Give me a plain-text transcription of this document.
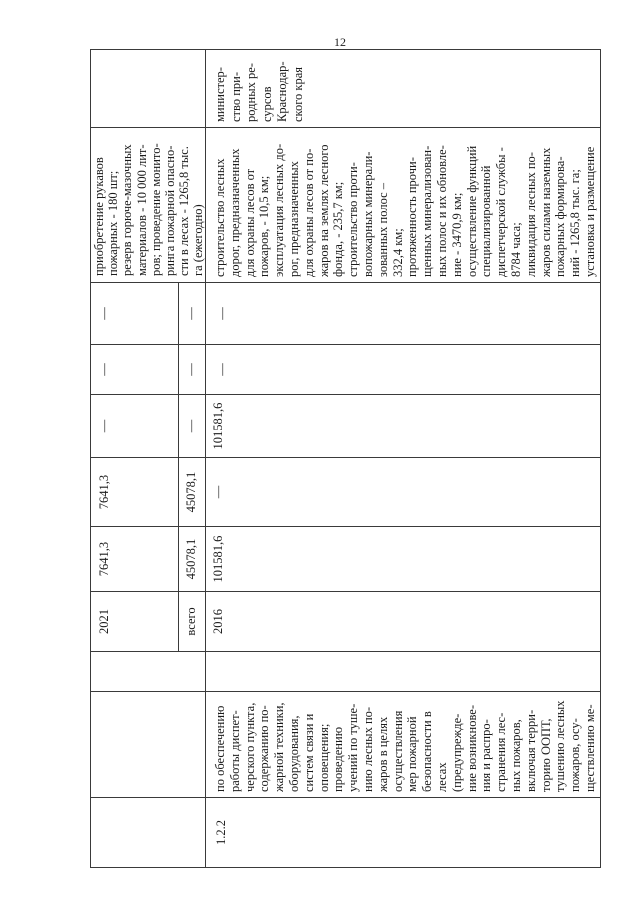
12
2021
7641,3
7641,3
—
—
—
всего
45078,1
45078,1
—
—
—
приобретение рукавов
пожарных - 180 шт;
резерв горюче-мазочных
материалов - 10 000 лит-
ров; проведение монито-
ринга пожарной опасно-
сти в лесах - 1265,8 тыс.
га (ежегодно)
1.2.2
по обеспечению
работы диспет-
черского пункта,
содержанию по-
жарной техники,
оборудования,
систем связи и
оповещения;
проведению
учений по туше-
нию лесных по-
жаров в целях
осуществления
мер пожарной
безопасности в
лесах
(предупрежде-
ние возникнове-
ния и распро-
странения лес-
ных пожаров,
включая терри-
торию ООПТ,
тушению лесных
пожаров, осу-
ществлению ме-
2016
101581,6
—
101581,6
—
—
строительство лесных
дорог, предназначенных
для охраны лесов от
пожаров, - 10,5 км;
эксплуатация лесных до-
рог, предназначенных
для охраны лесов от по-
жаров на землях лесного
фонда, - 235,7 км;
строительство проти-
вопожарных минерали-
зованных полос –
332,4 км;
протяженность прочи-
щенных минерализован-
ных полос и их обновле-
ние - 3470,9 км;
осуществление функций
специализированной
диспетчерской службы -
8784 часа;
ликвидация лесных по-
жаров силами наземных
пожарных формирова-
ний - 1265,8 тыс. га;
установка и размещение
министер-
ство при-
родных ре-
сурсов
Краснодар-
ского края
